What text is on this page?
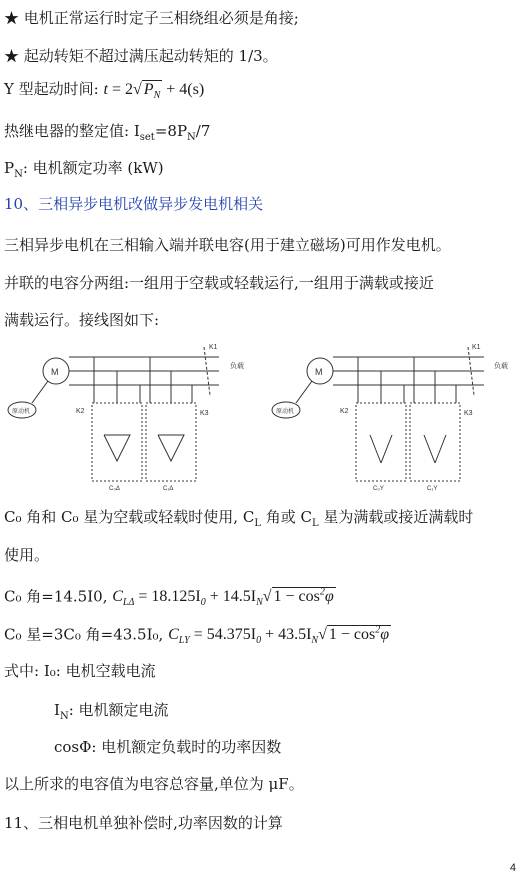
★ 电机正常运行时定子三相绕组必须是角接;
★ 起动转矩不超过满压起动转矩的 1/3。
Y 型起动时间: t = 2√ $P_N + 4(s)$
热继电器的整定值: $I_{set}=8P_N/7$
$P_N$: 电机额定功率 (kW)
10、三相异步电机改做异步发电机相关
三相异步电机在三相输入端并联电容(用于建立磁场)可用作发电机。
并联的电容分两组:一组用于空载或轻载运行,一组用于满载或接近
满载运行。接线图如下:
M
原动机
K1
负载
K2	K3
C₀Δ	C₁Δ
M
原动机
K1
负载
K2	K3
C₀Y	C₁Y
C₀ 角和 C₀ 星为空载或轻载时使用, $C_L$ 角或 $C_L$ 星为满载或接近满载时
使用。
C₀ 角=14.5I0, $C_{L\Delta} = 18.125I_0 + 14.5I_N√$ $1 - \cos^2\varphi$
C₀ 星=3C₀ 角=43.5I₀, $C_{LY} = 54.375I_0 + 43.5I_N√$ $1 - \cos^2\varphi$
式中: I₀: 电机空载电流
$I_N$: 电机额定电流
cosΦ: 电机额定负载时的功率因数
以上所求的电容值为电容总容量,单位为 μF。
11、三相电机单独补偿时,功率因数的计算
4
